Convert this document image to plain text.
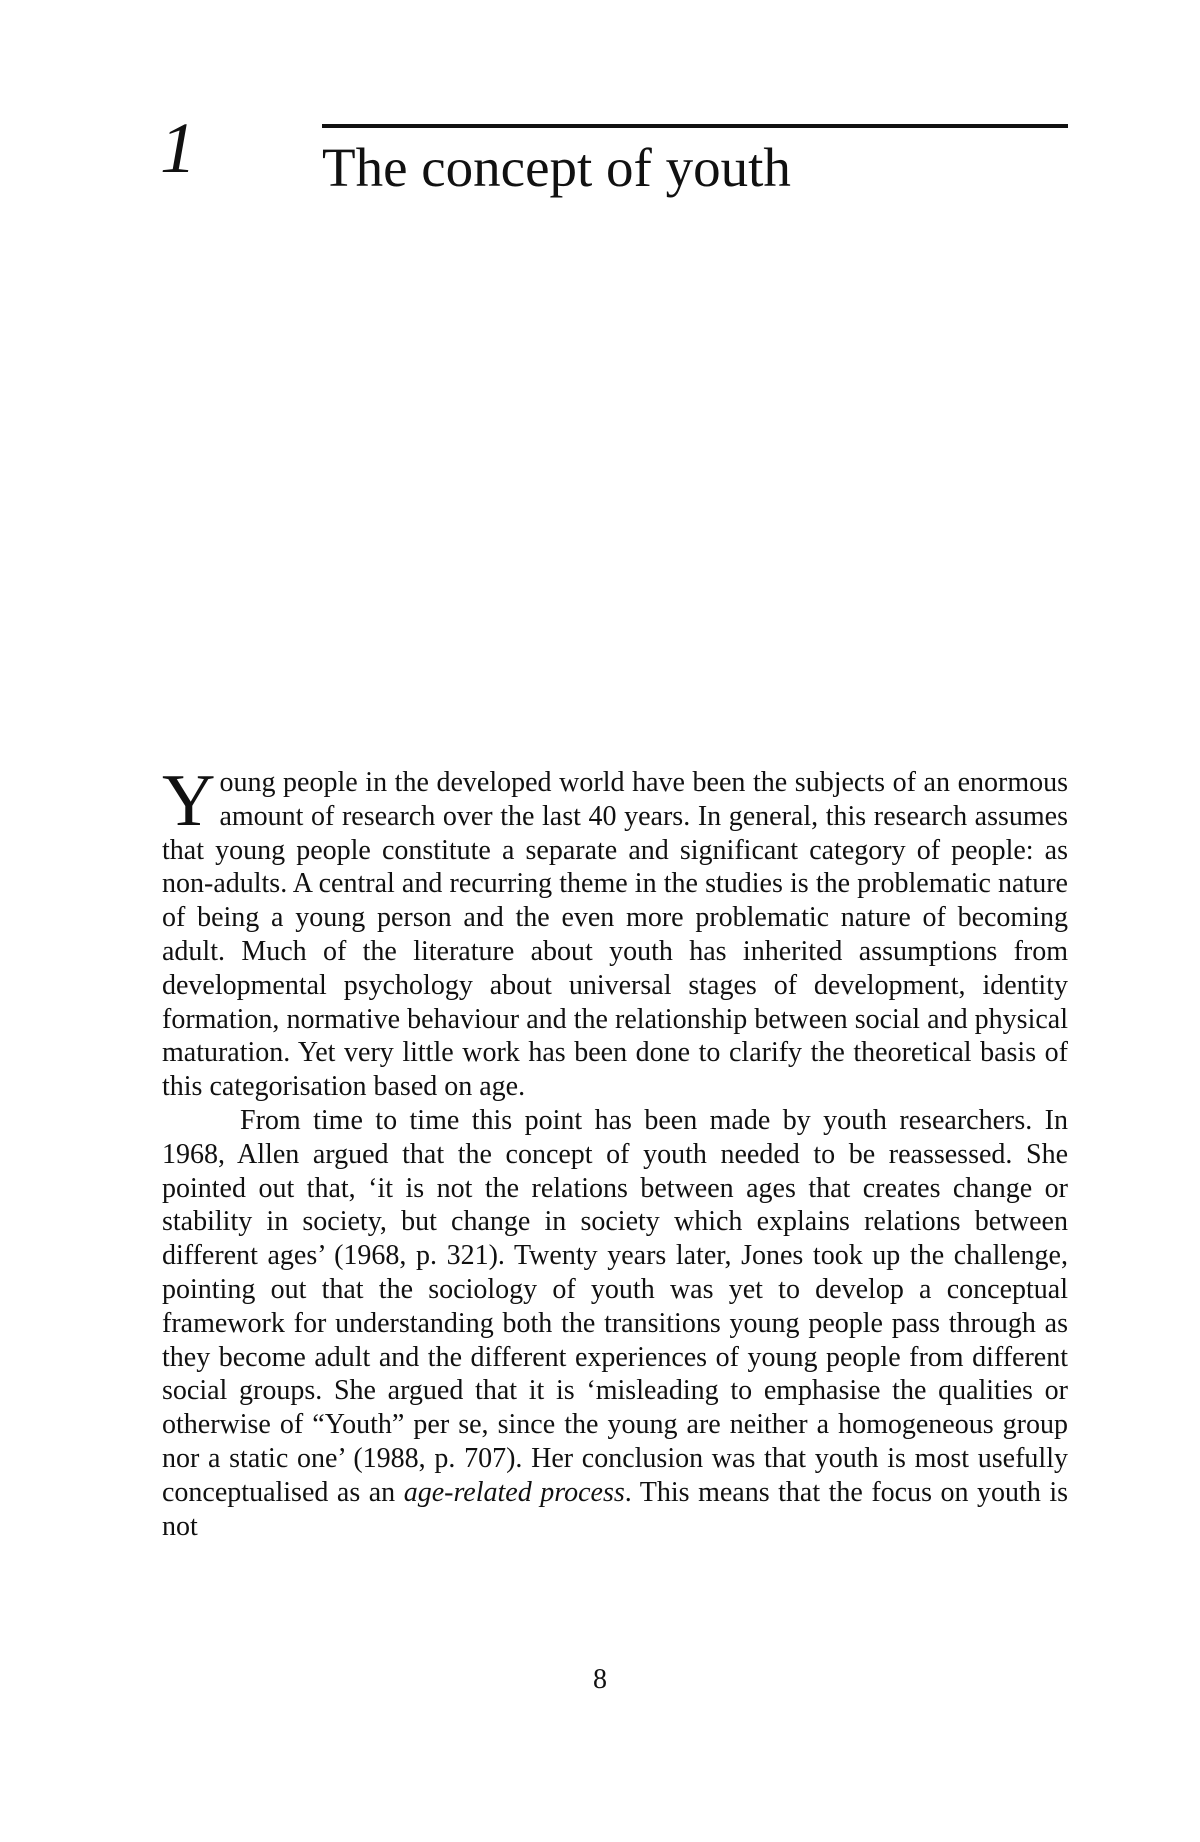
1 The concept of youth

Young people in the developed world have been the subjects of an enormous amount of research over the last 40 years. In general, this research assumes that young people constitute a separate and significant category of people: as non-adults. A central and recurring theme in the studies is the problematic nature of being a young person and the even more problematic nature of becoming adult. Much of the literature about youth has inherited assumptions from developmental psychology about universal stages of development, identity formation, normative behaviour and the relationship between social and physical maturation. Yet very little work has been done to clarify the theoretical basis of this categorisation based on age.

From time to time this point has been made by youth researchers. In 1968, Allen argued that the concept of youth needed to be reassessed. She pointed out that, ‘it is not the relations between ages that creates change or stability in society, but change in society which explains relations between different ages’ (1968, p. 321). Twenty years later, Jones took up the challenge, pointing out that the sociology of youth was yet to develop a conceptual framework for understanding both the transitions young people pass through as they become adult and the different experiences of young people from different social groups. She argued that it is ‘misleading to emphasise the qualities or otherwise of “Youth” per se, since the young are neither a homogeneous group nor a static one’ (1988, p. 707). Her conclusion was that youth is most usefully conceptualised as an age-related process. This means that the focus on youth is not

8
